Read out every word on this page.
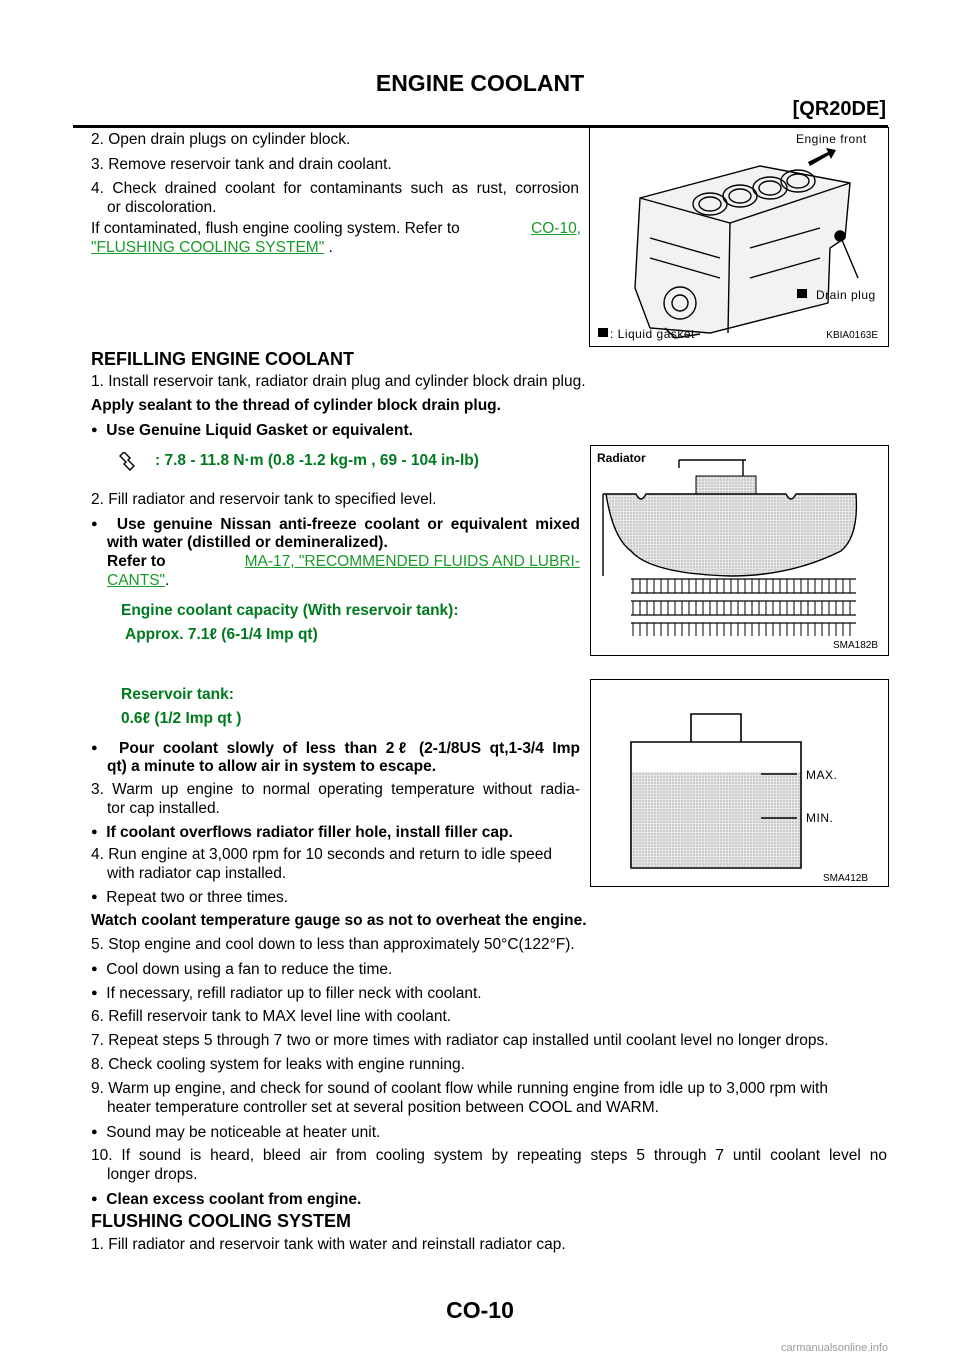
ENGINE COOLANT
[QR20DE]
2. Open drain plugs on cylinder block.
3. Remove reservoir tank and drain coolant.
4. Check drained coolant for contaminants such as rust, corrosion
or discoloration.
If contaminated, flush engine cooling system. Refer to	CO-10,
"FLUSHING COOLING SYSTEM" .
Engine front
Drain plug
: Liquid gasket	KBIA0163E
REFILLING ENGINE COOLANT
1. Install reservoir tank, radiator drain plug and cylinder block drain plug.
Apply sealant to the thread of cylinder block drain plug.
● Use Genuine Liquid Gasket or equivalent.
: 7.8 - 11.8 N·m (0.8 -1.2 kg-m , 69 - 104 in-lb)
2. Fill radiator and reservoir tank to specified level.
● Use genuine Nissan anti-freeze coolant or equivalent mixed
with water (distilled or demineralized).
Refer to	MA-17, "RECOMMENDED FLUIDS AND LUBRI-
CANTS".
Engine coolant capacity (With reservoir tank):
Approx. 7.1ℓ (6-1/4 Imp qt)
Reservoir tank:
0.6ℓ (1/2 Imp qt )
● Pour coolant slowly of less than 2ℓ (2-1/8US qt,1-3/4 Imp
qt) a minute to allow air in system to escape.
3. Warm up engine to normal operating temperature without radia-
tor cap installed.
● If coolant overflows radiator filler hole, install filler cap.
4. Run engine at 3,000 rpm for 10 seconds and return to idle speed
with radiator cap installed.
● Repeat two or three times.
Watch coolant temperature gauge so as not to overheat the engine.
5. Stop engine and cool down to less than approximately 50°C(122°F).
● Cool down using a fan to reduce the time.
● If necessary, refill radiator up to filler neck with coolant.
6. Refill reservoir tank to MAX level line with coolant.
7. Repeat steps 5 through 7 two or more times with radiator cap installed until coolant level no longer drops.
8. Check cooling system for leaks with engine running.
9. Warm up engine, and check for sound of coolant flow while running engine from idle up to 3,000 rpm with
heater temperature controller set at several position between COOL and WARM.
● Sound may be noticeable at heater unit.
10. If sound is heard, bleed air from cooling system by repeating steps 5 through 7 until coolant level no
longer drops.
● Clean excess coolant from engine.
Radiator
SMA182B
MAX.
MIN.
SMA412B
FLUSHING COOLING SYSTEM
1. Fill radiator and reservoir tank with water and reinstall radiator cap.
CO-10
carmanualsonline.info
